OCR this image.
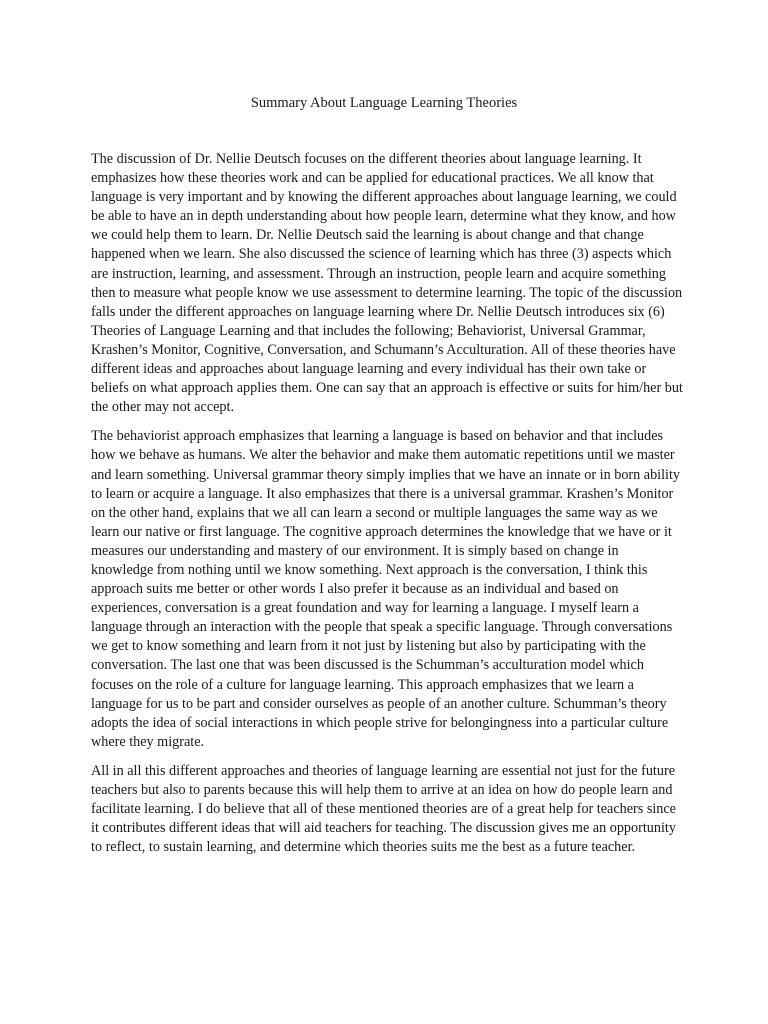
Summary About Language Learning Theories

The discussion of Dr. Nellie Deutsch focuses on the different theories about language learning. It emphasizes how these theories work and can be applied for educational practices. We all know that language is very important and by knowing the different approaches about language learning, we could be able to have an in depth understanding about how people learn, determine what they know, and how we could help them to learn. Dr. Nellie Deutsch said the learning is about change and that change happened when we learn. She also discussed the science of learning which has three (3) aspects which are instruction, learning, and assessment. Through an instruction, people learn and acquire something then to measure what people know we use assessment to determine learning. The topic of the discussion falls under the different approaches on language learning where Dr. Nellie Deutsch introduces six (6) Theories of Language Learning and that includes the following; Behaviorist, Universal Grammar, Krashen’s Monitor, Cognitive, Conversation, and Schumann’s Acculturation. All of these theories have different ideas and approaches about language learning and every individual has their own take or beliefs on what approach applies them. One can say that an approach is effective or suits for him/her but the other may not accept.

The behaviorist approach emphasizes that learning a language is based on behavior and that includes how we behave as humans. We alter the behavior and make them automatic repetitions until we master and learn something. Universal grammar theory simply implies that we have an innate or in born ability to learn or acquire a language. It also emphasizes that there is a universal grammar. Krashen’s Monitor on the other hand, explains that we all can learn a second or multiple languages the same way as we learn our native or first language. The cognitive approach determines the knowledge that we have or it measures our understanding and mastery of our environment. It is simply based on change in knowledge from nothing until we know something. Next approach is the conversation, I think this approach suits me better or other words I also prefer it because as an individual and based on experiences, conversation is a great foundation and way for learning a language. I myself learn a language through an interaction with the people that speak a specific language. Through conversations we get to know something and learn from it not just by listening but also by participating with the conversation. The last one that was been discussed is the Schumman’s acculturation model which focuses on the role of a culture for language learning. This approach emphasizes that we learn a language for us to be part and consider ourselves as people of an another culture. Schumman’s theory adopts the idea of social interactions in which people strive for belongingness into a particular culture where they migrate.

All in all this different approaches and theories of language learning are essential not just for the future teachers but also to parents because this will help them to arrive at an idea on how do people learn and facilitate learning. I do believe that all of these mentioned theories are of a great help for teachers since it contributes different ideas that will aid teachers for teaching. The discussion gives me an opportunity to reflect, to sustain learning, and determine which theories suits me the best as a future teacher.
